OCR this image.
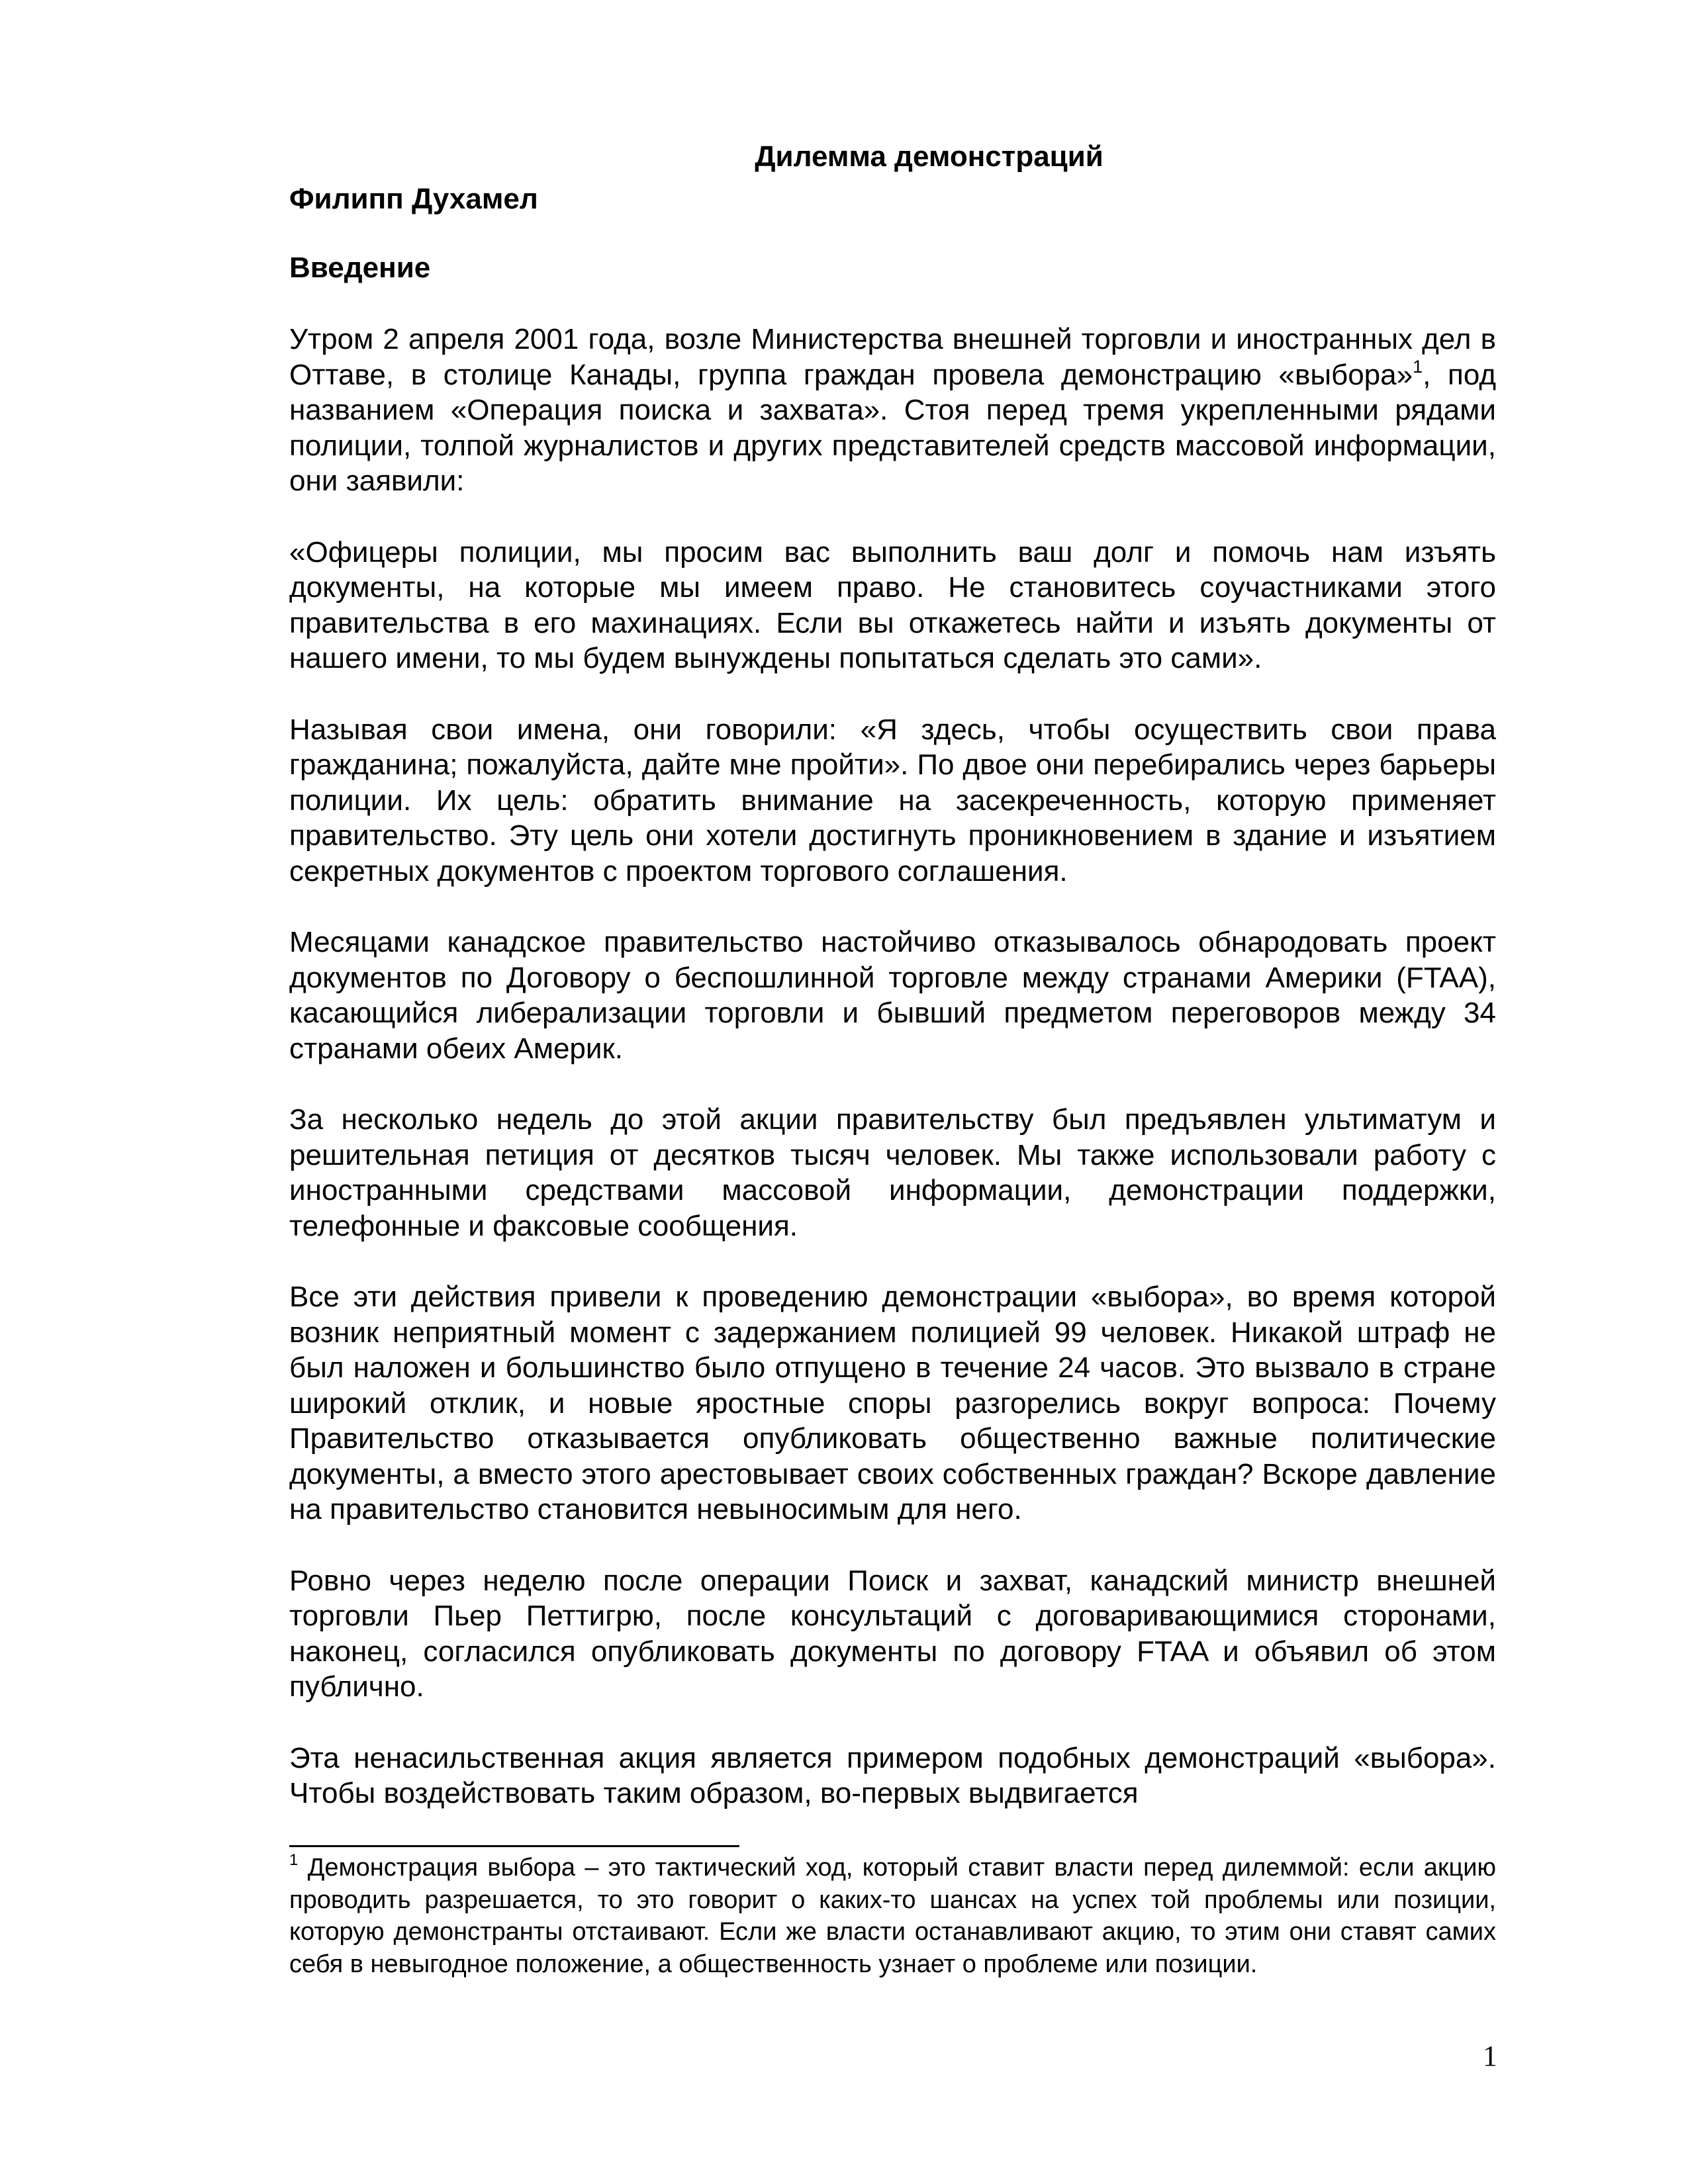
Дилемма демонстраций
Филипп Духамел
Введение

Утром 2 апреля 2001 года, возле Министерства внешней торговли и иностранных дел в Оттаве, в столице Канады, группа граждан провела демонстрацию «выбора»$^1$, под названием «Операция поиска и захвата». Стоя перед тремя укрепленными рядами полиции, толпой журналистов и других представителей средств массовой информации, они заявили:

«Офицеры полиции, мы просим вас выполнить ваш долг и помочь нам изъять документы, на которые мы имеем право. Не становитесь соучастниками этого правительства в его махинациях. Если вы откажетесь найти и изъять документы от нашего имени, то мы будем вынуждены попытаться сделать это сами».

Называя свои имена, они говорили: «Я здесь, чтобы осуществить свои права гражданина; пожалуйста, дайте мне пройти». По двое они перебирались через барьеры полиции. Их цель: обратить внимание на засекреченность, которую применяет правительство. Эту цель они хотели достигнуть проникновением в здание и изъятием секретных документов с проектом торгового соглашения.

Месяцами канадское правительство настойчиво отказывалось обнародовать проект документов по Договору о беспошлинной торговле между странами Америки (FTAA), касающийся либерализации торговли и бывший предметом переговоров между 34 странами обеих Америк.

За несколько недель до этой акции правительству был предъявлен ультиматум и решительная петиция от десятков тысяч человек. Мы также использовали работу с иностранными средствами массовой информации, демонстрации поддержки, телефонные и факсовые сообщения.

Все эти действия привели к проведению демонстрации «выбора», во время которой возник неприятный момент с задержанием полицией 99 человек. Никакой штраф не был наложен и большинство было отпущено в течение 24 часов. Это вызвало в стране широкий отклик, и новые яростные споры разгорелись вокруг вопроса: Почему Правительство отказывается опубликовать общественно важные политические документы, а вместо этого арестовывает своих собственных граждан? Вскоре давление на правительство становится невыносимым для него.

Ровно через неделю после операции Поиск и захват, канадский министр внешней торговли Пьер Петтигрю, после консультаций с договаривающимися сторонами, наконец, согласился опубликовать документы по договору FTAA и объявил об этом публично.

Эта ненасильственная акция является примером подобных демонстраций «выбора». Чтобы воздействовать таким образом, во-первых выдвигается

$^1$ Демонстрация выбора – это тактический ход, который ставит власти перед дилеммой: если акцию проводить разрешается, то это говорит о каких-то шансах на успех той проблемы или позиции, которую демонстранты отстаивают. Если же власти останавливают акцию, то этим они ставят самих себя в невыгодное положение, а общественность узнает о проблеме или позиции.
1
